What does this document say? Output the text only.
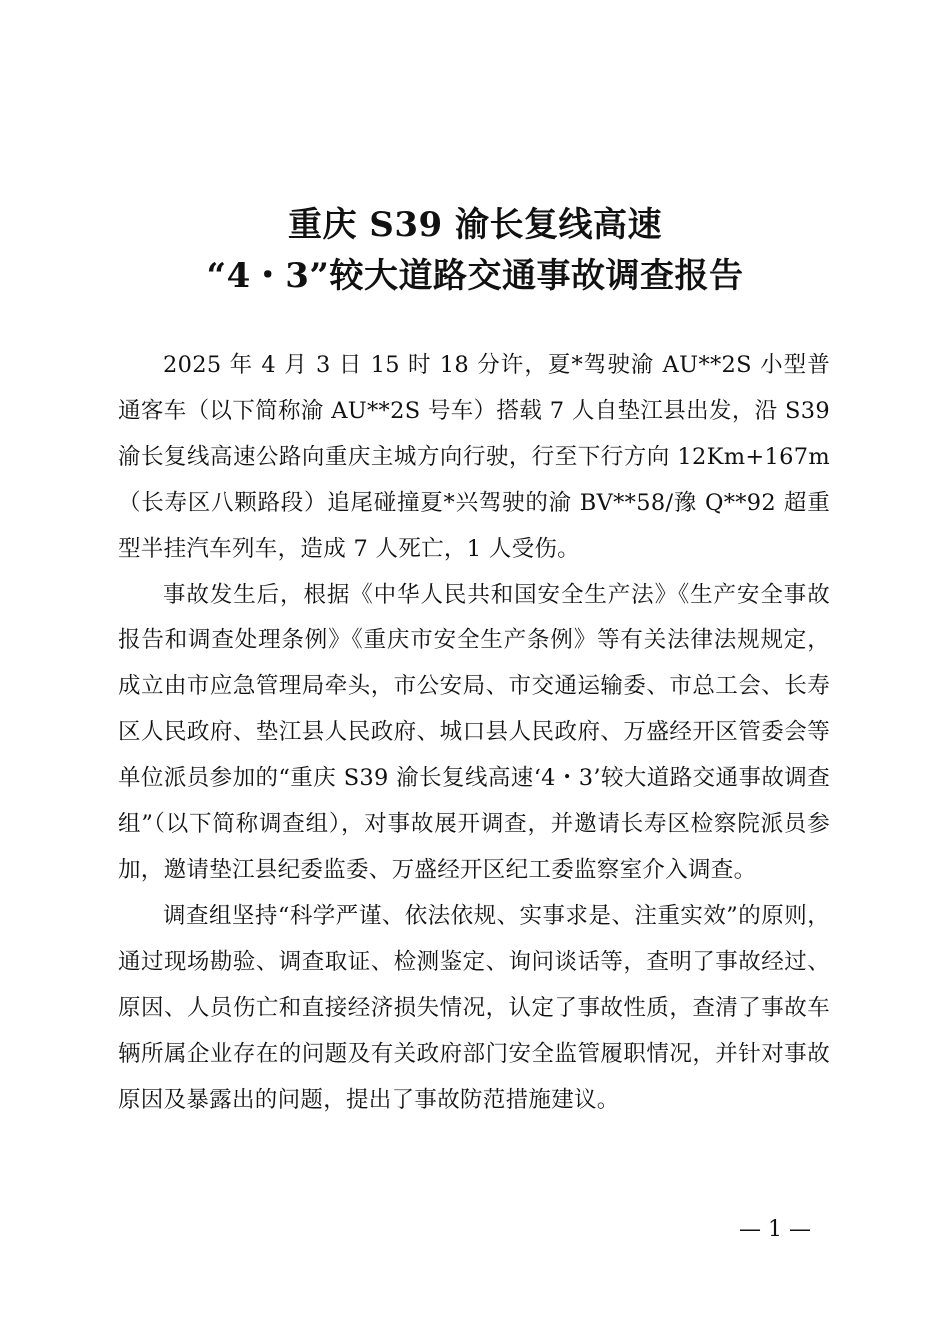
重庆 S39 渝长复线高速
“4・3”较大道路交通事故调查报告

2025 年 4 月 3 日 15 时 18 分许，夏*驾驶渝 AU**2S 小型普通客车（以下简称渝 AU**2S 号车）搭载 7 人自垫江县出发，沿 S39 渝长复线高速公路向重庆主城方向行驶，行至下行方向 12Km+167m（长寿区八颗路段）追尾碰撞夏*兴驾驶的渝 BV**58/豫 Q**92 超重型半挂汽车列车，造成 7 人死亡，1 人受伤。

事故发生后，根据《中华人民共和国安全生产法》《生产安全事故报告和调查处理条例》《重庆市安全生产条例》等有关法律法规规定，成立由市应急管理局牵头，市公安局、市交通运输委、市总工会、长寿区人民政府、垫江县人民政府、城口县人民政府、万盛经开区管委会等单位派员参加的“重庆 S39 渝长复线高速‘4・3’较大道路交通事故调查组”（以下简称调查组），对事故展开调查，并邀请长寿区检察院派员参加，邀请垫江县纪委监委、万盛经开区纪工委监察室介入调查。

调查组坚持“科学严谨、依法依规、实事求是、注重实效”的原则，通过现场勘验、调查取证、检测鉴定、询问谈话等，查明了事故经过、原因、人员伤亡和直接经济损失情况，认定了事故性质，查清了事故车辆所属企业存在的问题及有关政府部门安全监管履职情况，并针对事故原因及暴露出的问题，提出了事故防范措施建议。

— 1 —
